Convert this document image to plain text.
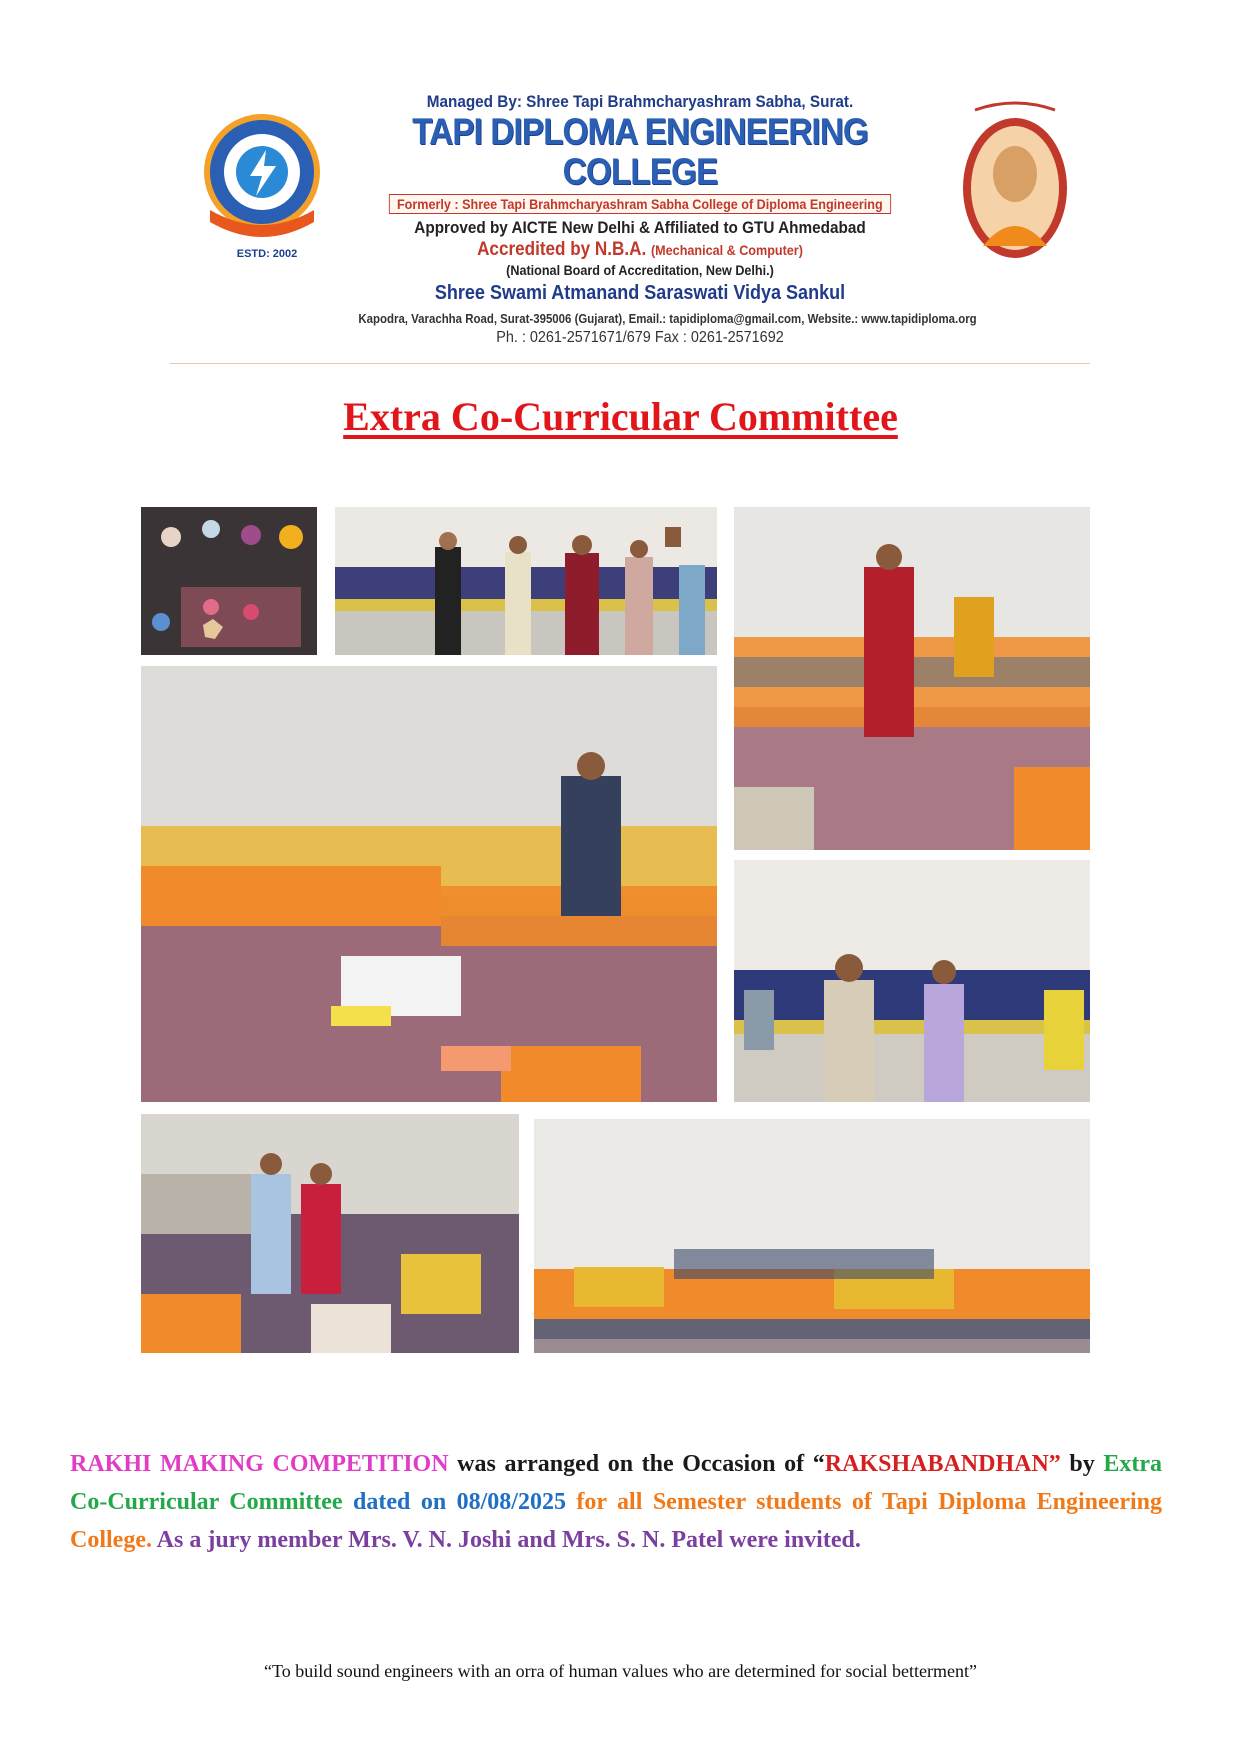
ESTD: 2002
Managed By: Shree Tapi Brahmcharyashram Sabha, Surat.
TAPI DIPLOMA ENGINEERING COLLEGE
Formerly : Shree Tapi Brahmcharyashram Sabha College of Diploma Engineering
Approved by AICTE New Delhi & Affiliated to GTU Ahmedabad
Accredited by N.B.A. (Mechanical & Computer)
(National Board of Accreditation, New Delhi.)
Shree Swami Atmanand Saraswati Vidya Sankul
Kapodra, Varachha Road, Surat-395006 (Gujarat), Email.: tapidiploma@gmail.com, Website.: www.tapidiploma.org
Ph. : 0261-2571671/679 Fax : 0261-2571692
Extra Co-Curricular Committee
RAKHI MAKING COMPETITION was arranged on the Occasion of “RAKSHABANDHAN” by Extra Co-Curricular Committee dated on 08/08/2025 for all Semester students of Tapi Diploma Engineering College. As a jury member Mrs. V. N. Joshi and Mrs. S. N. Patel were invited.
“To build sound engineers with an orra of human values who are determined for social betterment”
